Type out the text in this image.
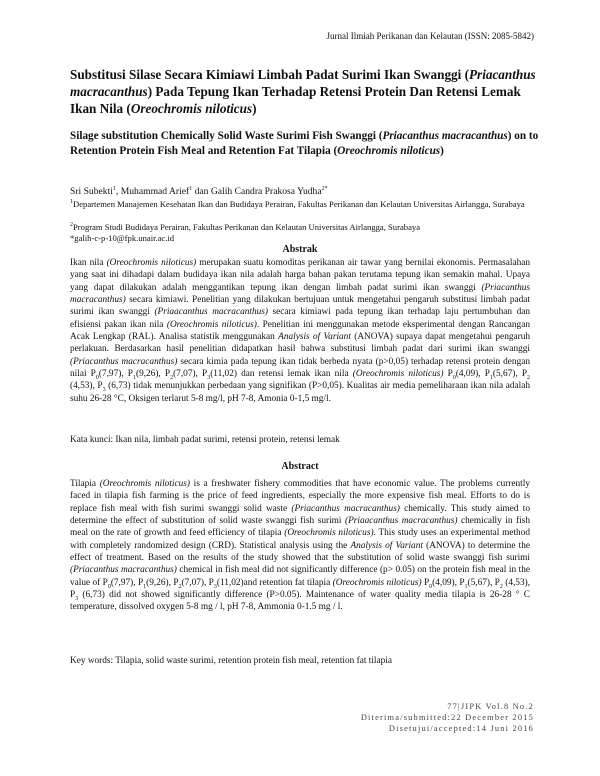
Jurnal Ilmiah Perikanan dan Kelautan (ISSN: 2085-5842)
Substitusi Silase Secara Kimiawi Limbah Padat Surimi Ikan Swanggi (Priacanthus macracanthus) Pada Tepung Ikan Terhadap Retensi Protein Dan Retensi Lemak Ikan Nila (Oreochromis niloticus)
Silage substitution Chemically Solid Waste Surimi Fish Swanggi (Priacanthus macracanthus) on to Retention Protein Fish Meal and Retention Fat Tilapia (Oreochromis niloticus)
Sri Subekti$^1$, Muhammad Arief$^1$ dan Galih Candra Prakosa Yudha$^{2*}$
$^1$Departemen Manajemen Kesehatan Ikan dan Budidaya Perairan, Fakultas Perikanan dan Kelautan Universitas Airlangga, Surabaya
$^2$Program Studi Budidaya Perairan, Fakultas Perikanan dan Kelautan Universitas Airlangga, Surabaya
*galih-c-p-10@fpk.unair.ac.id
Abstrak
Ikan nila (Oreochromis niloticus) merupakan suatu komoditas perikanan air tawar yang bernilai ekonomis. Permasalahan yang saat ini dihadapi dalam budidaya ikan nila adalah harga bahan pakan terutama tepung ikan semakin mahal. Upaya yang dapat dilakukan adalah menggantikan tepung ikan dengan limbah padat surimi ikan swanggi (Priacanthus macracanthus) secara kimiawi. Penelitian yang dilakukan bertujuan untuk mengetahui pengaruh substitusi limbah padat surimi ikan swanggi (Priaacanthus macracanthus) secara kimiawi pada tepung ikan terhadap laju pertumbuhan dan efisiensi pakan ikan nila (Oreochromis niloticus). Penelitian ini menggunakan metode eksperimental dengan Rancangan Acak Lengkap (RAL). Analisa statistik menggunakan Analysis of Variant (ANOVA) supaya dapat mengetahui pengaruh perlakuan. Berdasarkan hasil penelitian didapatkan hasil bahwa substitusi limbah padat dari surimi ikan swanggi (Priacanthus macracanthus) secara kimia pada tepung ikan tidak berbeda nyata (p>0,05) terhadap retensi protein dengan nilai $P_0(7,97)$, $P_1(9,26)$, $P_2(7,07)$, $P_3(11,02)$ dan retensi lemak ikan nila (Oreochromis niloticus) $P_0(4,09)$, $P_1(5,67)$, $P_2$ (4,53), $P_3$ (6,73) tidak menunjukkan perbedaan yang signifikan (P>0,05). Kualitas air media pemeliharaan ikan nila adalah suhu 26-28 °C, Oksigen terlarut 5-8 mg/l, pH 7-8, Amonia 0-1,5 mg/l.
Kata kunci: Ikan nila, limbah padat surimi, retensi protein, retensi lemak
Abstract
Tilapia (Oreochromis niloticus) is a freshwater fishery commodities that have economic value. The problems currently faced in tilapia fish farming is the price of feed ingredients, especially the more expensive fish meal. Efforts to do is replace fish meal with fish surimi swanggi solid waste (Priacanthus macracanthus) chemically. This study aimed to determine the effect of substitution of solid waste swanggi fish surimi (Priaacanthus macracanthus) chemically in fish meal on the rate of growth and feed efficiency of tilapia (Oreochromis niloticus). This study uses an experimental method with completely randomized design (CRD). Statistical analysis using the Analysis of Variant (ANOVA) to determine the effect of treatment. Based on the results of the study showed that the substitution of solid waste swanggi fish surimi (Priacanthus macracanthus) chemical in fish meal did not significantly difference (p> 0.05) on the protein fish meal in the value of $P_0(7,97)$, $P_1(9,26)$, $P_2(7,07)$, $P_3(11,02)and$ retention fat tilapia (Oreochromis niloticus) $P_0(4,09)$, $P_1(5,67)$, $P_2$ (4,53), $P_3$ (6,73) did not showed significantly difference (P>0.05). Maintenance of water quality media tilapia is 26-28 ° C temperature, dissolved oxygen 5-8 mg / l, pH 7-8, Ammonia 0-1.5 mg / l.
Key words: Tilapia, solid waste surimi, retention protein fish meal, retention fat tilapia
77|JIPK Vol.8 No.2
Diterima/submitted:22 December 2015
Disetujui/accepted:14 Juni 2016
